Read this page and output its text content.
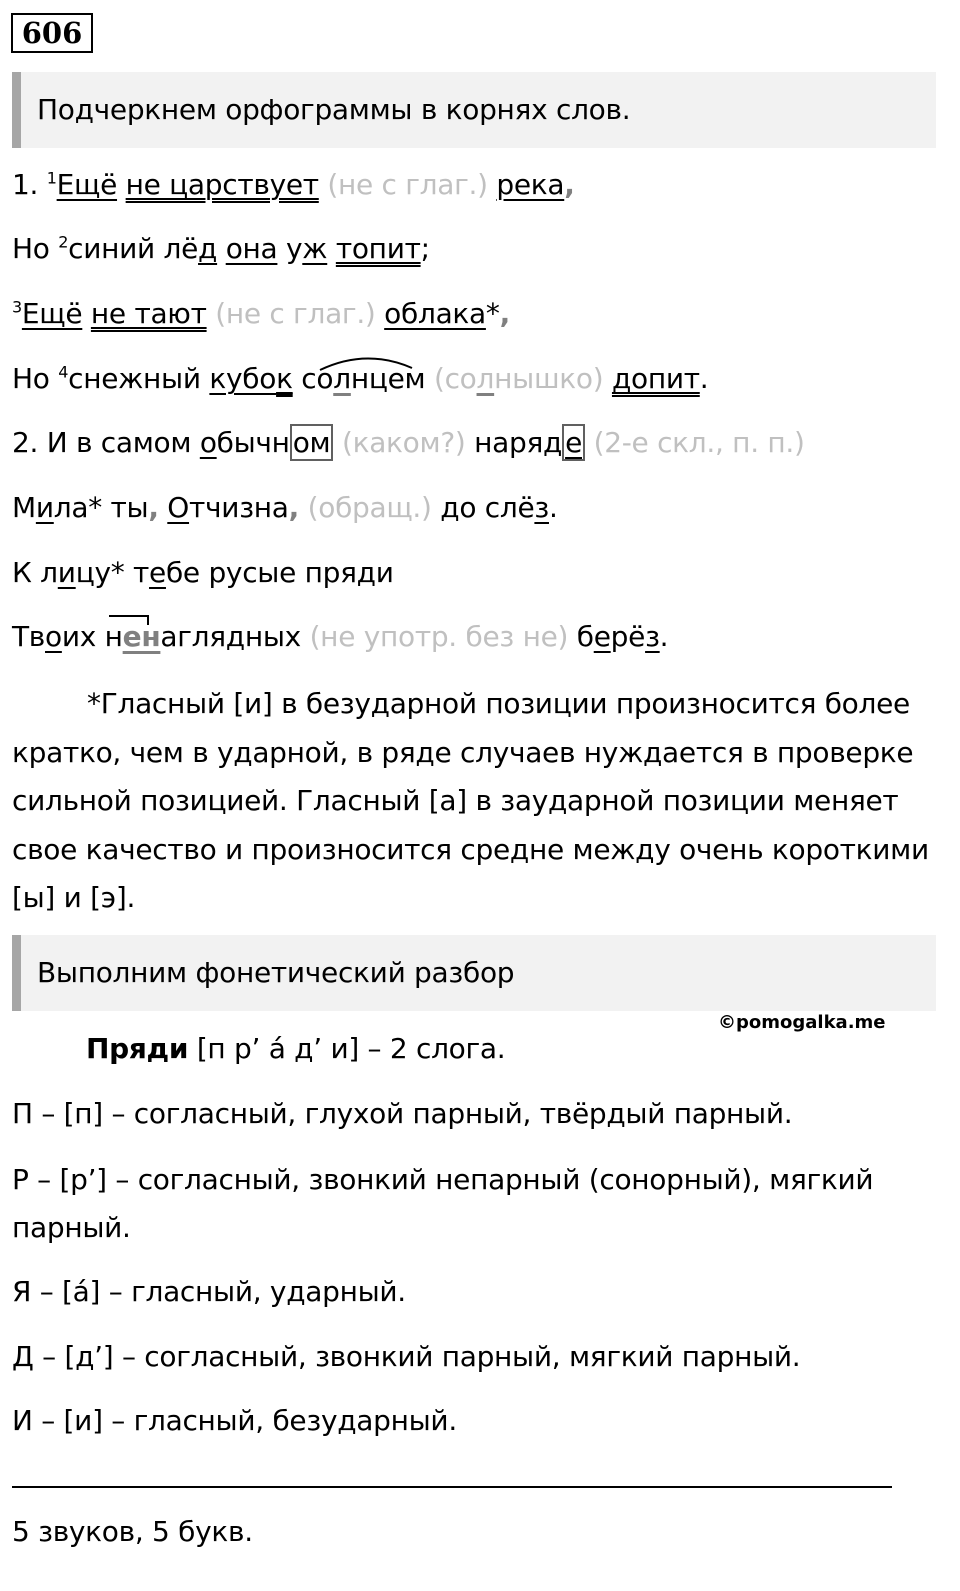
606
Подчеркнем орфограммы в корнях слов.
1. $^1$Ещё не царствует (не с глаг.) река,
Но $^2$синий лёд она уж топит;
$^3$Ещё не тают (не с глаг.) облака*,
Но $^4$снежный кубок солнцем (солнышко) допит.
2. И в самом обычн ом (каком?) наряд е (2-е скл., п. п.)
Мила* ты, Отчизна, (обращ.) до слёз.
К лицу* тебе русые пряди
Твоих ненаглядных (не употр. без не) берёз.
*Гласный [и] в безударной позиции произносится более кратко, чем в ударной, в ряде случаев нуждается в проверке сильной позицией. Гласный [а] в заударной позиции меняет свое качество и произносится средне между очень короткими [ы] и [э].
Выполним фонетический разбор
©pomogalka.me
Пряди [п р’ а́ д’ и] – 2 слога.
П – [п] – согласный, глухой парный, твёрдый парный.
Р – [р’] – согласный, звонкий непарный (сонорный), мягкий парный.
Я – [а́] – гласный, ударный.
Д – [д’] – согласный, звонкий парный, мягкий парный.
И – [и] – гласный, безударный.
5 звуков, 5 букв.
